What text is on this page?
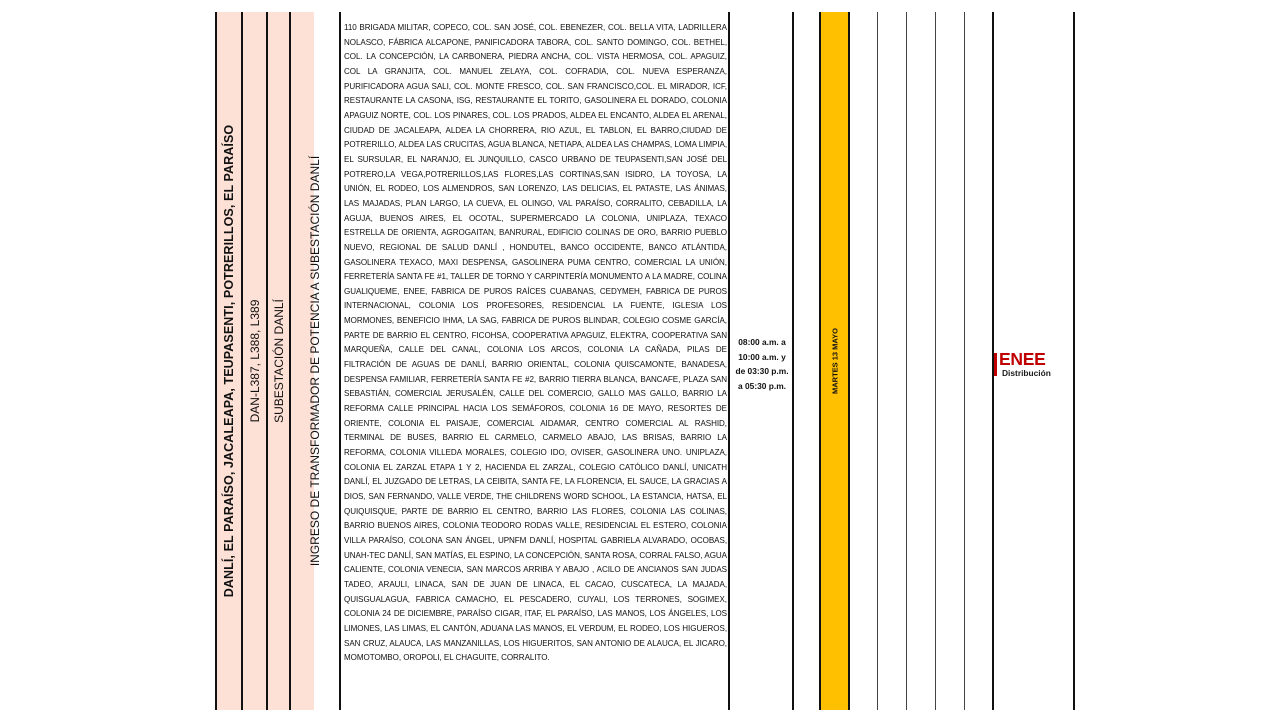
DANLÍ, EL PARAÍSO, JACALEAPA, TEUPASENTI, POTRERILLOS, EL PARAÍSO DAN-L387, L388, L389 SUBESTACIÓN DANLÍ INGRESO DE TRANSFORMADOR DE POTENCIA A SUBESTACIÓN DANLÍ
110 BRIGADA MILITAR, COPECO, COL. SAN JOSÉ, COL. EBENEZER, COL. BELLA VITA, LADRILLERA NOLASCO, FÁBRICA ALCAPONE, PANIFICADORA TABORA, COL. SANTO DOMINGO, COL. BETHEL, COL. LA CONCEPCIÓN, LA CARBONERA, PIEDRA ANCHA, COL. VISTA HERMOSA, COL. APAGUIZ, COL LA GRANJITA, COL. MANUEL ZELAYA, COL. COFRADIA, COL. NUEVA ESPERANZA, PURIFICADORA AGUA SALI, COL. MONTE FRESCO, COL. SAN FRANCISCO,COL. EL MIRADOR, ICF, RESTAURANTE LA CASONA, ISG, RESTAURANTE EL TORITO, GASOLINERA EL DORADO, COLONIA APAGUIZ NORTE, COL. LOS PINARES, COL. LOS PRADOS, ALDEA EL ENCANTO, ALDEA EL ARENAL, CIUDAD DE JACALEAPA, ALDEA LA CHORRERA, RIO AZUL, EL TABLON, EL BARRO,CIUDAD DE POTRERILLO, ALDEA LAS CRUCITAS, AGUA BLANCA, NETIAPA, ALDEA LAS CHAMPAS, LOMA LIMPIA, EL SURSULAR, EL NARANJO, EL JUNQUILLO, CASCO URBANO DE TEUPASENTI,SAN JOSÉ DEL POTRERO,LA VEGA,POTRERILLOS,LAS FLORES,LAS CORTINAS,SAN ISIDRO, LA TOYOSA, LA UNIÓN, EL RODEO, LOS ALMENDROS, SAN LORENZO, LAS DELICIAS, EL PATASTE, LAS ÁNIMAS, LAS MAJADAS, PLAN LARGO, LA CUEVA, EL OLINGO, VAL PARAÍSO, CORRALITO, CEBADILLA, LA AGUJA, BUENOS AIRES, EL OCOTAL, SUPERMERCADO LA COLONIA, UNIPLAZA, TEXACO ESTRELLA DE ORIENTA, AGROGAITAN, BANRURAL, EDIFICIO COLINAS DE ORO, BARRIO PUEBLO NUEVO, REGIONAL DE SALUD DANLÍ , HONDUTEL, BANCO OCCIDENTE, BANCO ATLÁNTIDA, GASOLINERA TEXACO, MAXI DESPENSA, GASOLINERA PUMA CENTRO, COMERCIAL LA UNIÓN, FERRETERÍA SANTA FE #1, TALLER DE TORNO Y CARPINTERÍA MONUMENTO A LA MADRE, COLINA GUALIQUEME, ENEE, FABRICA DE PUROS RAÍCES CUABANAS, CEDYMEH, FABRICA DE PUROS INTERNACIONAL, COLONIA LOS PROFESORES, RESIDENCIAL LA FUENTE, IGLESIA LOS MORMONES, BENEFICIO IHMA, LA SAG, FABRICA DE PUROS BLINDAR, COLEGIO COSME GARCÍA, PARTE DE BARRIO EL CENTRO, FICOHSA, COOPERATIVA APAGUIZ, ELEKTRA, COOPERATIVA SAN MARQUEÑA, CALLE DEL CANAL, COLONIA LOS ARCOS, COLONIA LA CAÑADA, PILAS DE FILTRACIÓN DE AGUAS DE DANLÍ, BARRIO ORIENTAL, COLONIA QUISCAMONTE, BANADESA, DESPENSA FAMILIAR, FERRETERÍA SANTA FE #2, BARRIO TIERRA BLANCA, BANCAFE, PLAZA SAN SEBASTIÁN, COMERCIAL JERUSALÉN, CALLE DEL COMERCIO, GALLO MAS GALLO, BARRIO LA REFORMA CALLE PRINCIPAL HACIA LOS SEMÁFOROS, COLONIA 16 DE MAYO, RESORTES DE ORIENTE, COLONIA EL PAISAJE, COMERCIAL AIDAMAR, CENTRO COMERCIAL AL RASHID, TERMINAL DE BUSES, BARRIO EL CARMELO, CARMELO ABAJO, LAS BRISAS, BARRIO LA REFORMA, COLONIA VILLEDA MORALES, COLEGIO IDO, OVISER, GASOLINERA UNO. UNIPLAZA, COLONIA EL ZARZAL ETAPA 1 Y 2, HACIENDA EL ZARZAL, COLEGIO CATÓLICO DANLÍ, UNICATH DANLÍ, EL JUZGADO DE LETRAS, LA CEIBITA, SANTA FE, LA FLORENCIA, EL SAUCE, LA GRACIAS A DIOS, SAN FERNANDO, VALLE VERDE, THE CHILDRENS WORD SCHOOL, LA ESTANCIA, HATSA, EL QUIQUISQUE, PARTE DE BARRIO EL CENTRO, BARRIO LAS FLORES, COLONIA LAS COLINAS, BARRIO BUENOS AIRES, COLONIA TEODORO RODAS VALLE, RESIDENCIAL EL ESTERO, COLONIA VILLA PARAÍSO, COLONA SAN ÁNGEL, UPNFM DANLÍ, HOSPITAL GABRIELA ALVARADO, OCOBAS, UNAH-TEC DANLÍ, SAN MATÍAS, EL ESPINO, LA CONCEPCIÓN, SANTA ROSA, CORRAL FALSO, AGUA CALIENTE, COLONIA VENECIA, SAN MARCOS ARRIBA Y ABAJO , ACILO DE ANCIANOS SAN JUDAS TADEO, ARAULI, LINACA, SAN DE JUAN DE LINACA, EL CACAO, CUSCATECA, LA MAJADA, QUISGUALAGUA, FABRICA CAMACHO, EL PESCADERO, CUYALI, LOS TERRONES, SOGIMEX, COLONIA 24 DE DICIEMBRE, PARAÍSO CIGAR, ITAF, EL PARAÍSO, LAS MANOS, LOS ÁNGELES, LOS LIMONES, LAS LIMAS, EL CANTÓN, ADUANA LAS MANOS, EL VERDUM, EL RODEO, LOS HIGUEROS, SAN CRUZ, ALAUCA, LAS MANZANILLAS, LOS HIGUERITOS, SAN ANTONIO DE ALAUCA, EL JICARO, MOMOTOMBO, OROPOLI, EL CHAGUITE, CORRALITO.
08:00 a.m. a
10:00 a.m. y
de 03:30 p.m.
a 05:30 p.m.	MARTES 13 MAYO	ENEE
Distribución
